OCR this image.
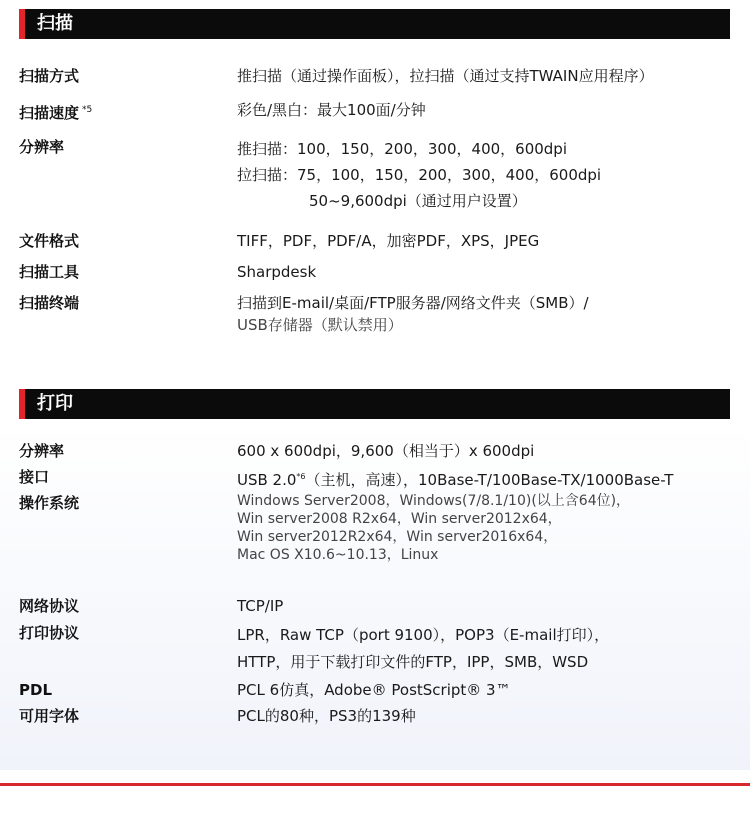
扫描
扫描方式	推扫描（通过操作面板），拉扫描（通过支持TWAIN应用程序）
扫描速度 $^{*5}$	彩色/黑白：最大100面/分钟
分辨率	推扫描：100，150，200，300，400，600dpi
拉扫描：75，100，150，200，300，400，600dpi
50~9,600dpi（通过用户设置）
文件格式	TIFF，PDF，PDF/A，加密PDF，XPS，JPEG
扫描工具	Sharpdesk
扫描终端	扫描到E-mail/桌面/FTP服务器/网络文件夹（SMB）/
USB存储器（默认禁用）
打印
分辨率	600 x 600dpi，9,600（相当于）x 600dpi
接口	USB 2.0$^{*6}$（主机，高速），10Base-T/100Base-TX/1000Base-T
操作系统	Windows Server2008，Windows(7/8.1/10)(以上含64位)，
Win server2008 R2x64，Win server2012x64，
Win server2012R2x64，Win server2016x64，
Mac OS X10.6~10.13，Linux
网络协议	TCP/IP
打印协议	LPR，Raw TCP（port 9100），POP3（E-mail打印），
HTTP，用于下载打印文件的FTP，IPP，SMB，WSD
PDL	PCL 6仿真，Adobe® PostScript® 3™
可用字体	PCL的80种，PS3的139种
